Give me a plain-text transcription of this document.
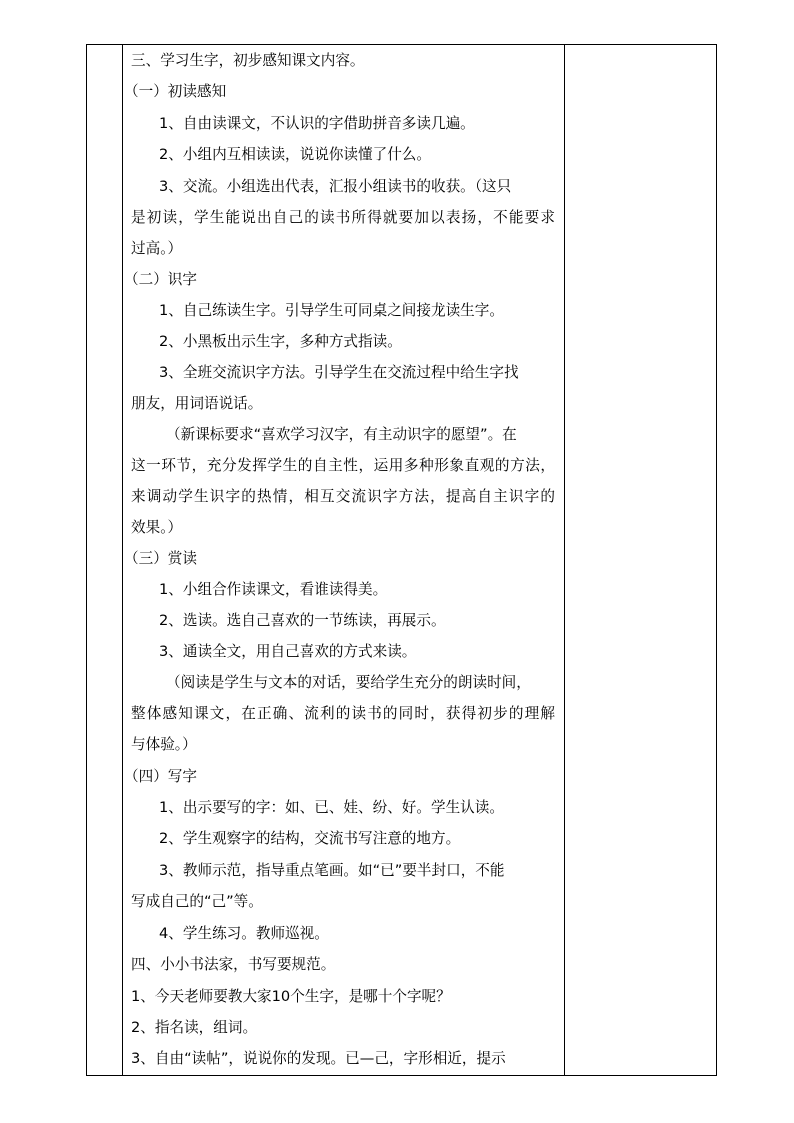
三、学习生字，初步感知课文内容。
（一）初读感知
1、自由读课文，不认识的字借助拼音多读几遍。
2、小组内互相读读，说说你读懂了什么。
3、交流。小组选出代表，汇报小组读书的收获。（这只
是初读，学生能说出自己的读书所得就要加以表扬，不能要求
过高。）
（二）识字
1、自己练读生字。引导学生可同桌之间接龙读生字。
2、小黑板出示生字，多种方式指读。
3、全班交流识字方法。引导学生在交流过程中给生字找
朋友，用词语说话。
（新课标要求“喜欢学习汉字，有主动识字的愿望”。在
这一环节，充分发挥学生的自主性，运用多种形象直观的方法，
来调动学生识字的热情，相互交流识字方法，提高自主识字的
效果。）
（三）赏读
1、小组合作读课文，看谁读得美。
2、选读。选自己喜欢的一节练读，再展示。
3、通读全文，用自己喜欢的方式来读。
（阅读是学生与文本的对话，要给学生充分的朗读时间，
整体感知课文，在正确、流利的读书的同时，获得初步的理解
与体验。）
（四）写字
1、出示要写的字：如、已、娃、纷、好。学生认读。
2、学生观察字的结构，交流书写注意的地方。
3、教师示范，指导重点笔画。如“已”要半封口，不能
写成自己的“己”等。
4、学生练习。教师巡视。
四、小小书法家，书写要规范。
1、今天老师要教大家10个生字，是哪十个字呢？
2、指名读，组词。
3、自由“读帖”，说说你的发现。已—己，字形相近，提示
